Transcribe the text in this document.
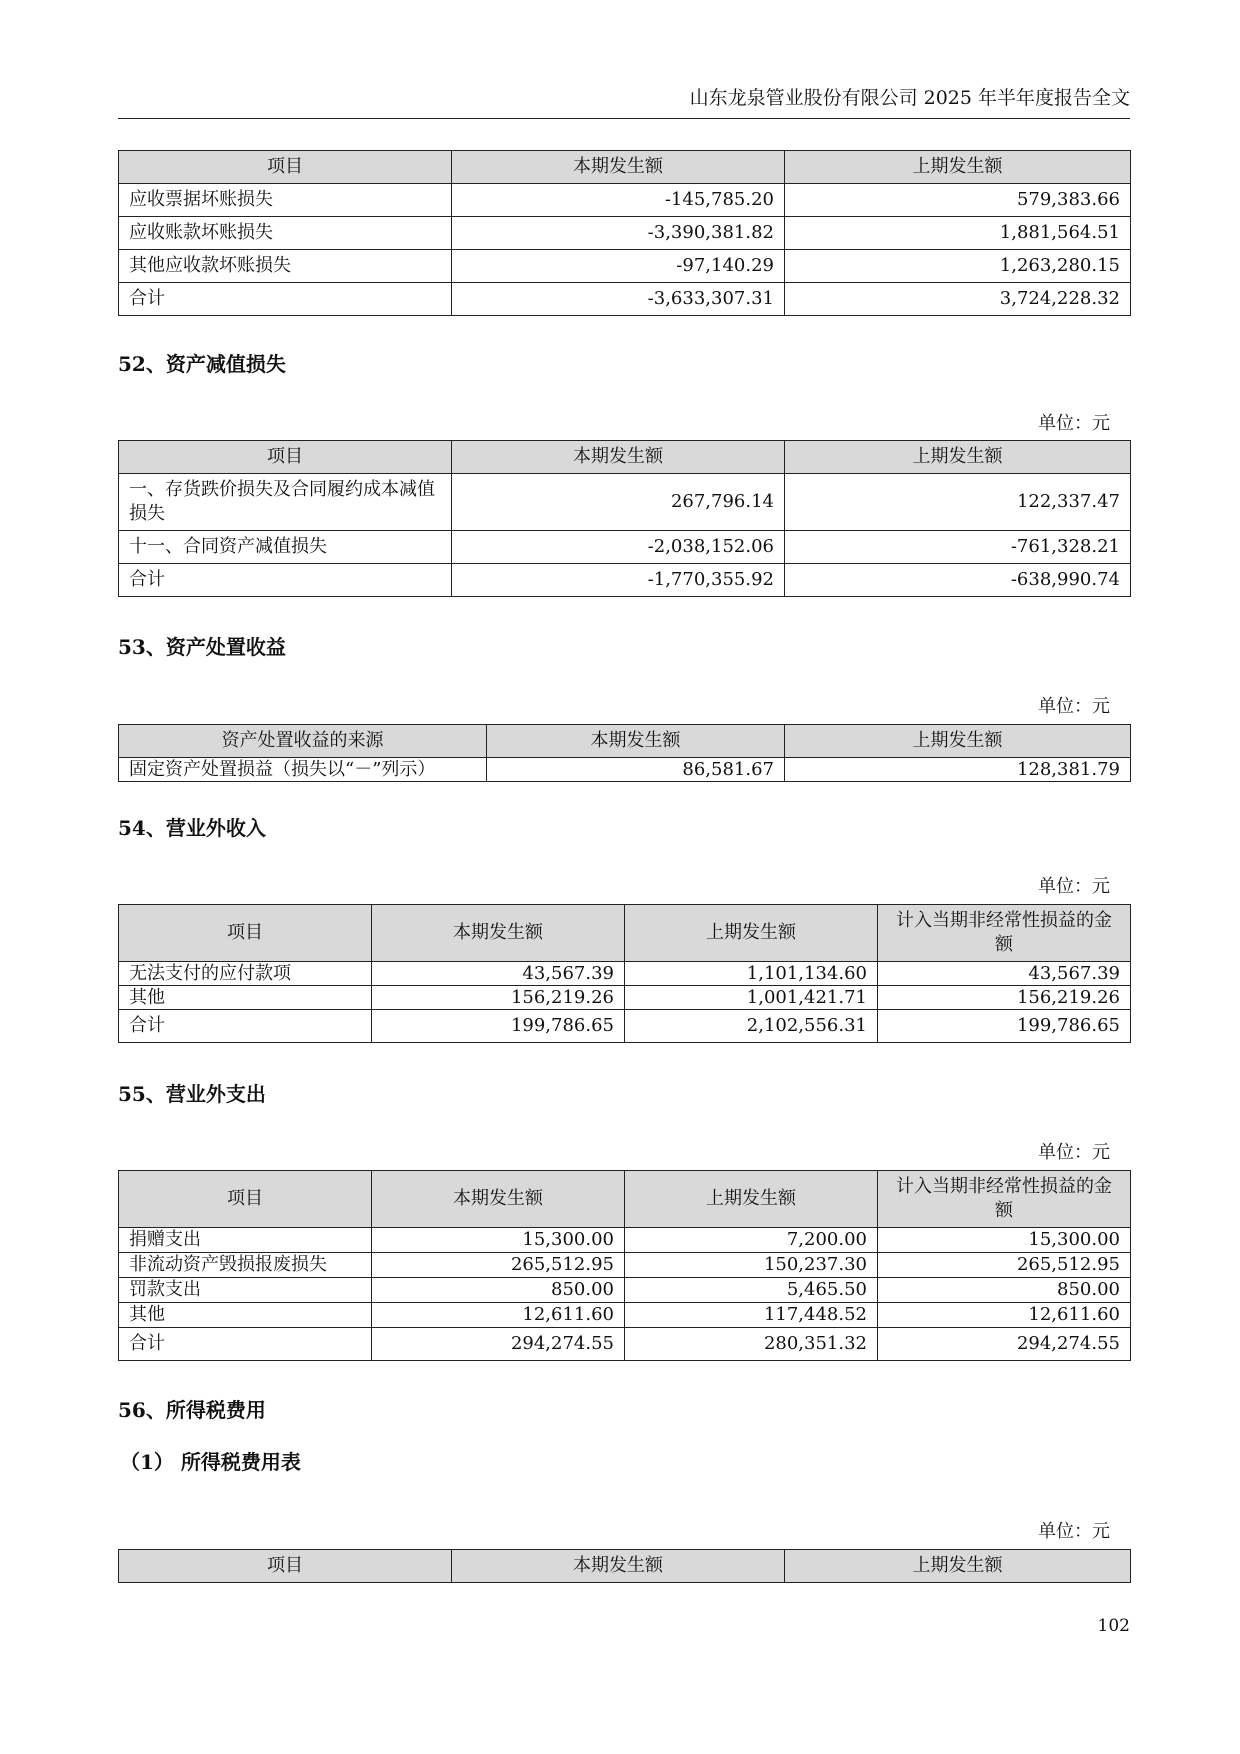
山东龙泉管业股份有限公司 2025 年半年度报告全文
项目	本期发生额	上期发生额
应收票据坏账损失	-145,785.20	579,383.66
应收账款坏账损失	-3,390,381.82	1,881,564.51
其他应收款坏账损失	-97,140.29	1,263,280.15
合计	-3,633,307.31	3,724,228.32
52、资产减值损失
单位：元
项目	本期发生额	上期发生额
一、存货跌价损失及合同履约成本减值损失	267,796.14	122,337.47
十一、合同资产减值损失	-2,038,152.06	-761,328.21
合计	-1,770,355.92	-638,990.74
53、资产处置收益
单位：元
资产处置收益的来源	本期发生额	上期发生额
固定资产处置损益（损失以“－”列示）	86,581.67	128,381.79
54、营业外收入
单位：元
项目	本期发生额	上期发生额	计入当期非经常性损益的金额
无法支付的应付款项	43,567.39	1,101,134.60	43,567.39
其他	156,219.26	1,001,421.71	156,219.26
合计	199,786.65	2,102,556.31	199,786.65
55、营业外支出
单位：元
项目	本期发生额	上期发生额	计入当期非经常性损益的金额
捐赠支出	15,300.00	7,200.00	15,300.00
非流动资产毁损报废损失	265,512.95	150,237.30	265,512.95
罚款支出	850.00	5,465.50	850.00
其他	12,611.60	117,448.52	12,611.60
合计	294,274.55	280,351.32	294,274.55
56、所得税费用
（1） 所得税费用表
单位：元
项目	本期发生额	上期发生额
102
